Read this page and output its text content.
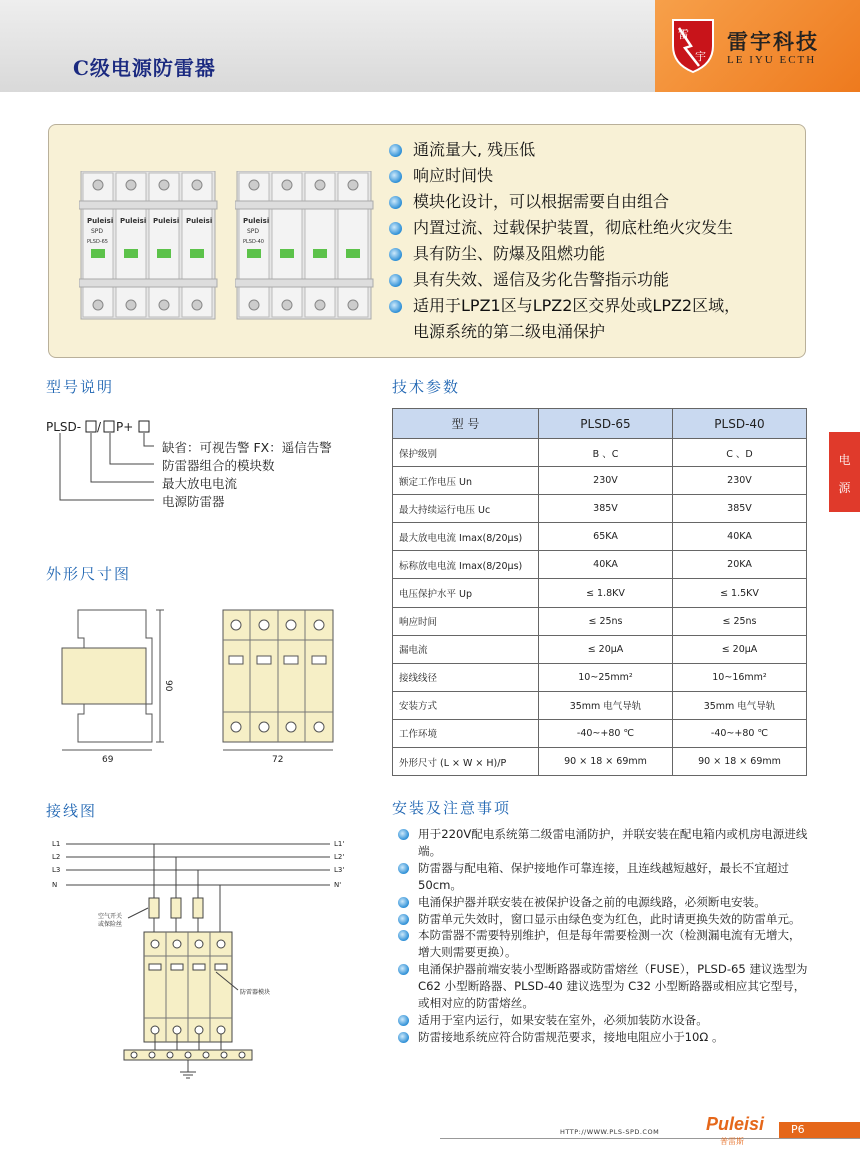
C级电源防雷器
雷
宇
雷宇科技
LE IYU ECTH
Puleisi Puleisi Puleisi Puleisi
SPD
PLSD-65
Puleisi
SPD
PLSD-40
通流量大, 残压低
响应时间快
模块化设计，可以根据需要自由组合
内置过流、过载保护装置，彻底杜绝火灾发生
具有防尘、防爆及阻燃功能
具有失效、遥信及劣化告警指示功能
适用于LPZ1区与LPZ2区交界处或LPZ2区域，
电源系统的第二级电涌保护
型号说明
PLSD- / P+
缺省：可视告警 FX：遥信告警
防雷器组合的模块数
最大放电电流
电源防雷器
外形尺寸图
90
69	72
接线图
L1
L2
L3
N
L1'
L2'
L3'
N'
空气开关
或保险丝
防雷器模块
技术参数
型 号	PLSD-65	PLSD-40
保护级别	B 、C	C 、D
额定工作电压 Un	230V	230V
最大持续运行电压 Uc	385V	385V
最大放电电流 Imax(8/20μs)	65KA	40KA
标称放电电流 Imax(8/20μs)	40KA	20KA
电压保护水平 Up	≤ 1.8KV	≤ 1.5KV
响应时间	≤ 25ns	≤ 25ns
漏电流	≤ 20μA	≤ 20μA
接线线径	10~25mm²	10~16mm²
安装方式	35mm 电气导轨	35mm 电气导轨
工作环境	-40~+80 ℃	-40~+80 ℃
外形尺寸 (L × W × H)/P	90 × 18 × 69mm	90 × 18 × 69mm
电
源
安装及注意事项
用于220V配电系统第二级雷电涌防护，并联安装在配电箱内或机房电源进线端。
防雷器与配电箱、保护接地作可靠连接，且连线越短越好，最长不宜超过50cm。
电涌保护器并联安装在被保护设备之前的电源线路，必须断电安装。
防雷单元失效时，窗口显示由绿色变为红色，此时请更换失效的防雷单元。
本防雷器不需要特别维护，但是每年需要检测一次（检测漏电流有无增大，增大则需要更换）。
电涌保护器前端安装小型断路器或防雷熔丝（FUSE），PLSD-65 建议选型为 C62 小型断路器、PLSD-40 建议选型为 C32 小型断路器或相应其它型号，或相对应的防雷熔丝。
适用于室内运行，如果安装在室外，必须加装防水设备。
防雷接地系统应符合防雷规范要求，接地电阻应小于10Ω 。
HTTP://WWW.PLS-SPD.COM	Puleisi
普雷斯
P6
